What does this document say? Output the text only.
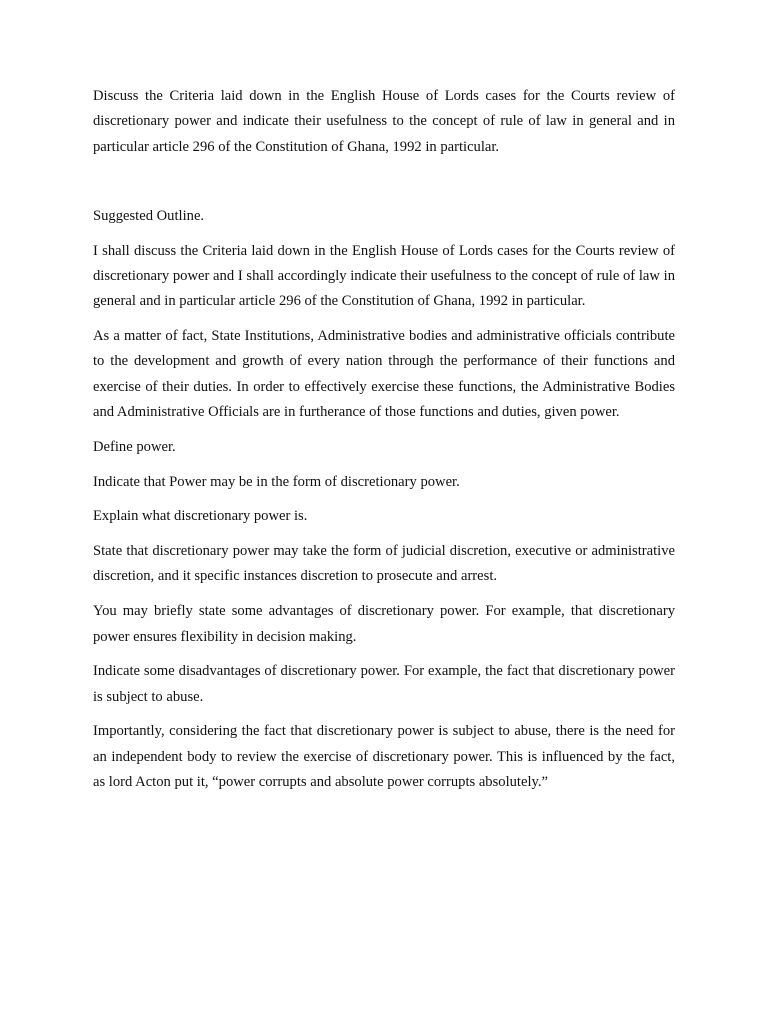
Discuss the Criteria laid down in the English House of Lords cases for the Courts review of discretionary power and indicate their usefulness to the concept of rule of law in general and in particular article 296 of the Constitution of Ghana, 1992 in particular.

Suggested Outline.

I shall discuss the Criteria laid down in the English House of Lords cases for the Courts review of discretionary power and I shall accordingly indicate their usefulness to the concept of rule of law in general and in particular article 296 of the Constitution of Ghana, 1992 in particular.

As a matter of fact, State Institutions, Administrative bodies and administrative officials contribute to the development and growth of every nation through the performance of their functions and exercise of their duties. In order to effectively exercise these functions, the Administrative Bodies and Administrative Officials are in furtherance of those functions and duties, given power.

Define power.

Indicate that Power may be in the form of discretionary power.

Explain what discretionary power is.

State that discretionary power may take the form of judicial discretion, executive or administrative discretion, and it specific instances discretion to prosecute and arrest.

You may briefly state some advantages of discretionary power. For example, that discretionary power ensures flexibility in decision making.

Indicate some disadvantages of discretionary power. For example, the fact that discretionary power is subject to abuse.

Importantly, considering the fact that discretionary power is subject to abuse, there is the need for an independent body to review the exercise of discretionary power. This is influenced by the fact, as lord Acton put it, “power corrupts and absolute power corrupts absolutely.”
